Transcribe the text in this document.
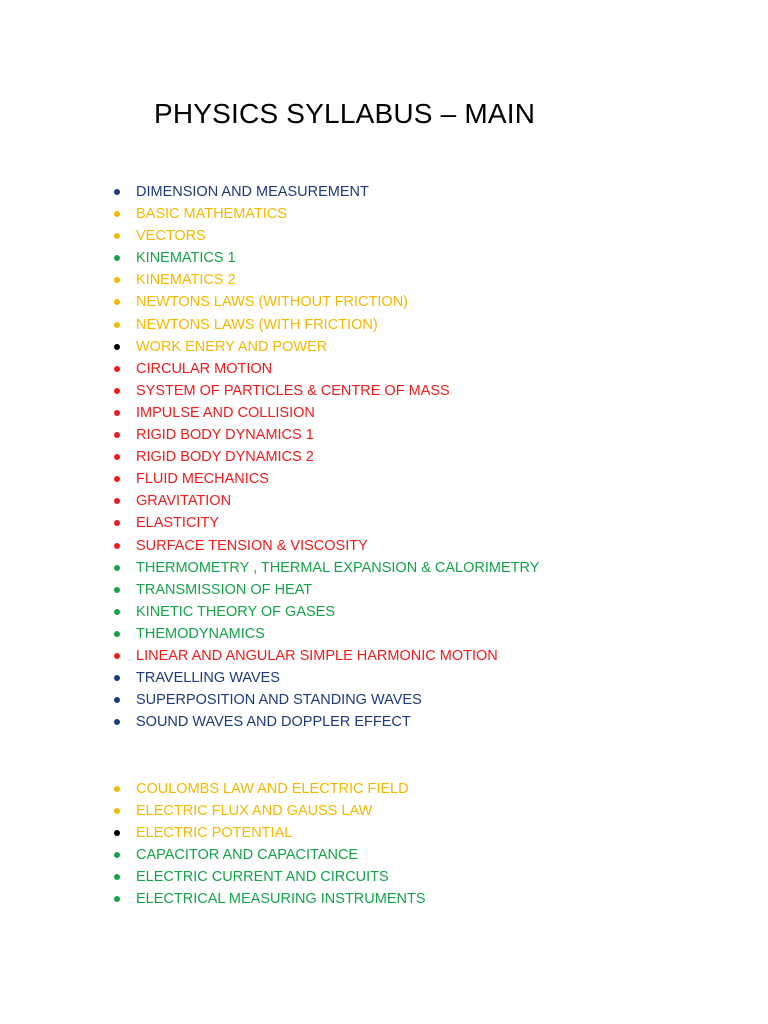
PHYSICS SYLLABUS – MAIN
DIMENSION AND MEASUREMENT
BASIC MATHEMATICS
VECTORS
KINEMATICS 1
KINEMATICS 2
NEWTONS LAWS (WITHOUT FRICTION)
NEWTONS LAWS (WITH FRICTION)
WORK ENERY AND POWER
CIRCULAR MOTION
SYSTEM OF PARTICLES & CENTRE OF MASS
IMPULSE AND COLLISION
RIGID BODY DYNAMICS 1
RIGID BODY DYNAMICS 2
FLUID MECHANICS
GRAVITATION
ELASTICITY
SURFACE TENSION & VISCOSITY
THERMOMETRY , THERMAL EXPANSION & CALORIMETRY
TRANSMISSION OF HEAT
KINETIC THEORY OF GASES
THEMODYNAMICS
LINEAR AND ANGULAR SIMPLE HARMONIC MOTION
TRAVELLING WAVES
SUPERPOSITION AND STANDING WAVES
SOUND WAVES AND DOPPLER EFFECT
COULOMBS LAW AND ELECTRIC FIELD
ELECTRIC FLUX AND GAUSS LAW
ELECTRIC POTENTIAL
CAPACITOR AND CAPACITANCE
ELECTRIC CURRENT AND CIRCUITS
ELECTRICAL MEASURING INSTRUMENTS
